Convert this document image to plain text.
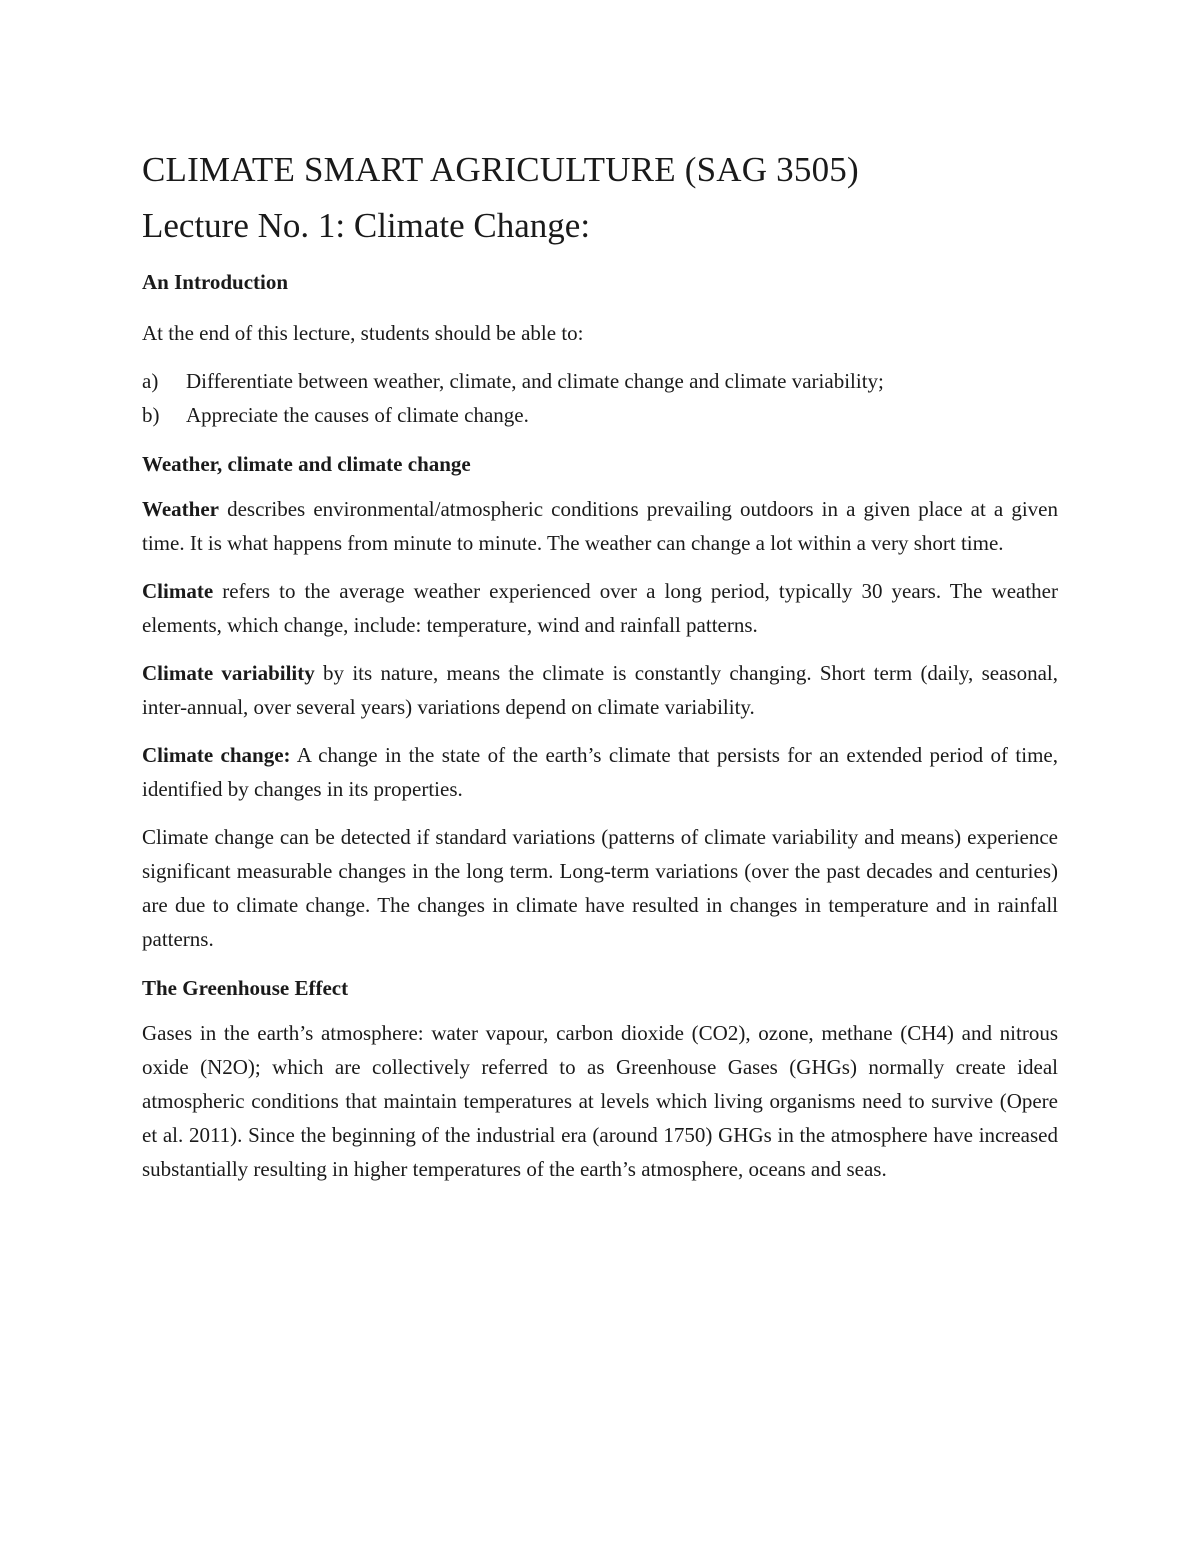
CLIMATE SMART AGRICULTURE (SAG 3505)
Lecture No. 1: Climate Change:
An Introduction

At the end of this lecture, students should be able to:

a)	Differentiate between weather, climate, and climate change and climate variability;
b)	Appreciate the causes of climate change.
Weather, climate and climate change

Weather describes environmental/atmospheric conditions prevailing outdoors in a given place at a given time. It is what happens from minute to minute. The weather can change a lot within a very short time.

Climate refers to the average weather experienced over a long period, typically 30 years. The weather elements, which change, include: temperature, wind and rainfall patterns.

Climate variability by its nature, means the climate is constantly changing. Short term (daily, seasonal, inter-annual, over several years) variations depend on climate variability.

Climate change: A change in the state of the earth’s climate that persists for an extended period of time, identified by changes in its properties.

Climate change can be detected if standard variations (patterns of climate variability and means) experience significant measurable changes in the long term. Long-term variations (over the past decades and centuries) are due to climate change. The changes in climate have resulted in changes in temperature and in rainfall patterns.

The Greenhouse Effect

Gases in the earth’s atmosphere: water vapour, carbon dioxide (CO2), ozone, methane (CH4) and nitrous oxide (N2O); which are collectively referred to as Greenhouse Gases (GHGs) normally create ideal atmospheric conditions that maintain temperatures at levels which living organisms need to survive (Opere et al. 2011). Since the beginning of the industrial era (around 1750) GHGs in the atmosphere have increased substantially resulting in higher temperatures of the earth’s atmosphere, oceans and seas.
